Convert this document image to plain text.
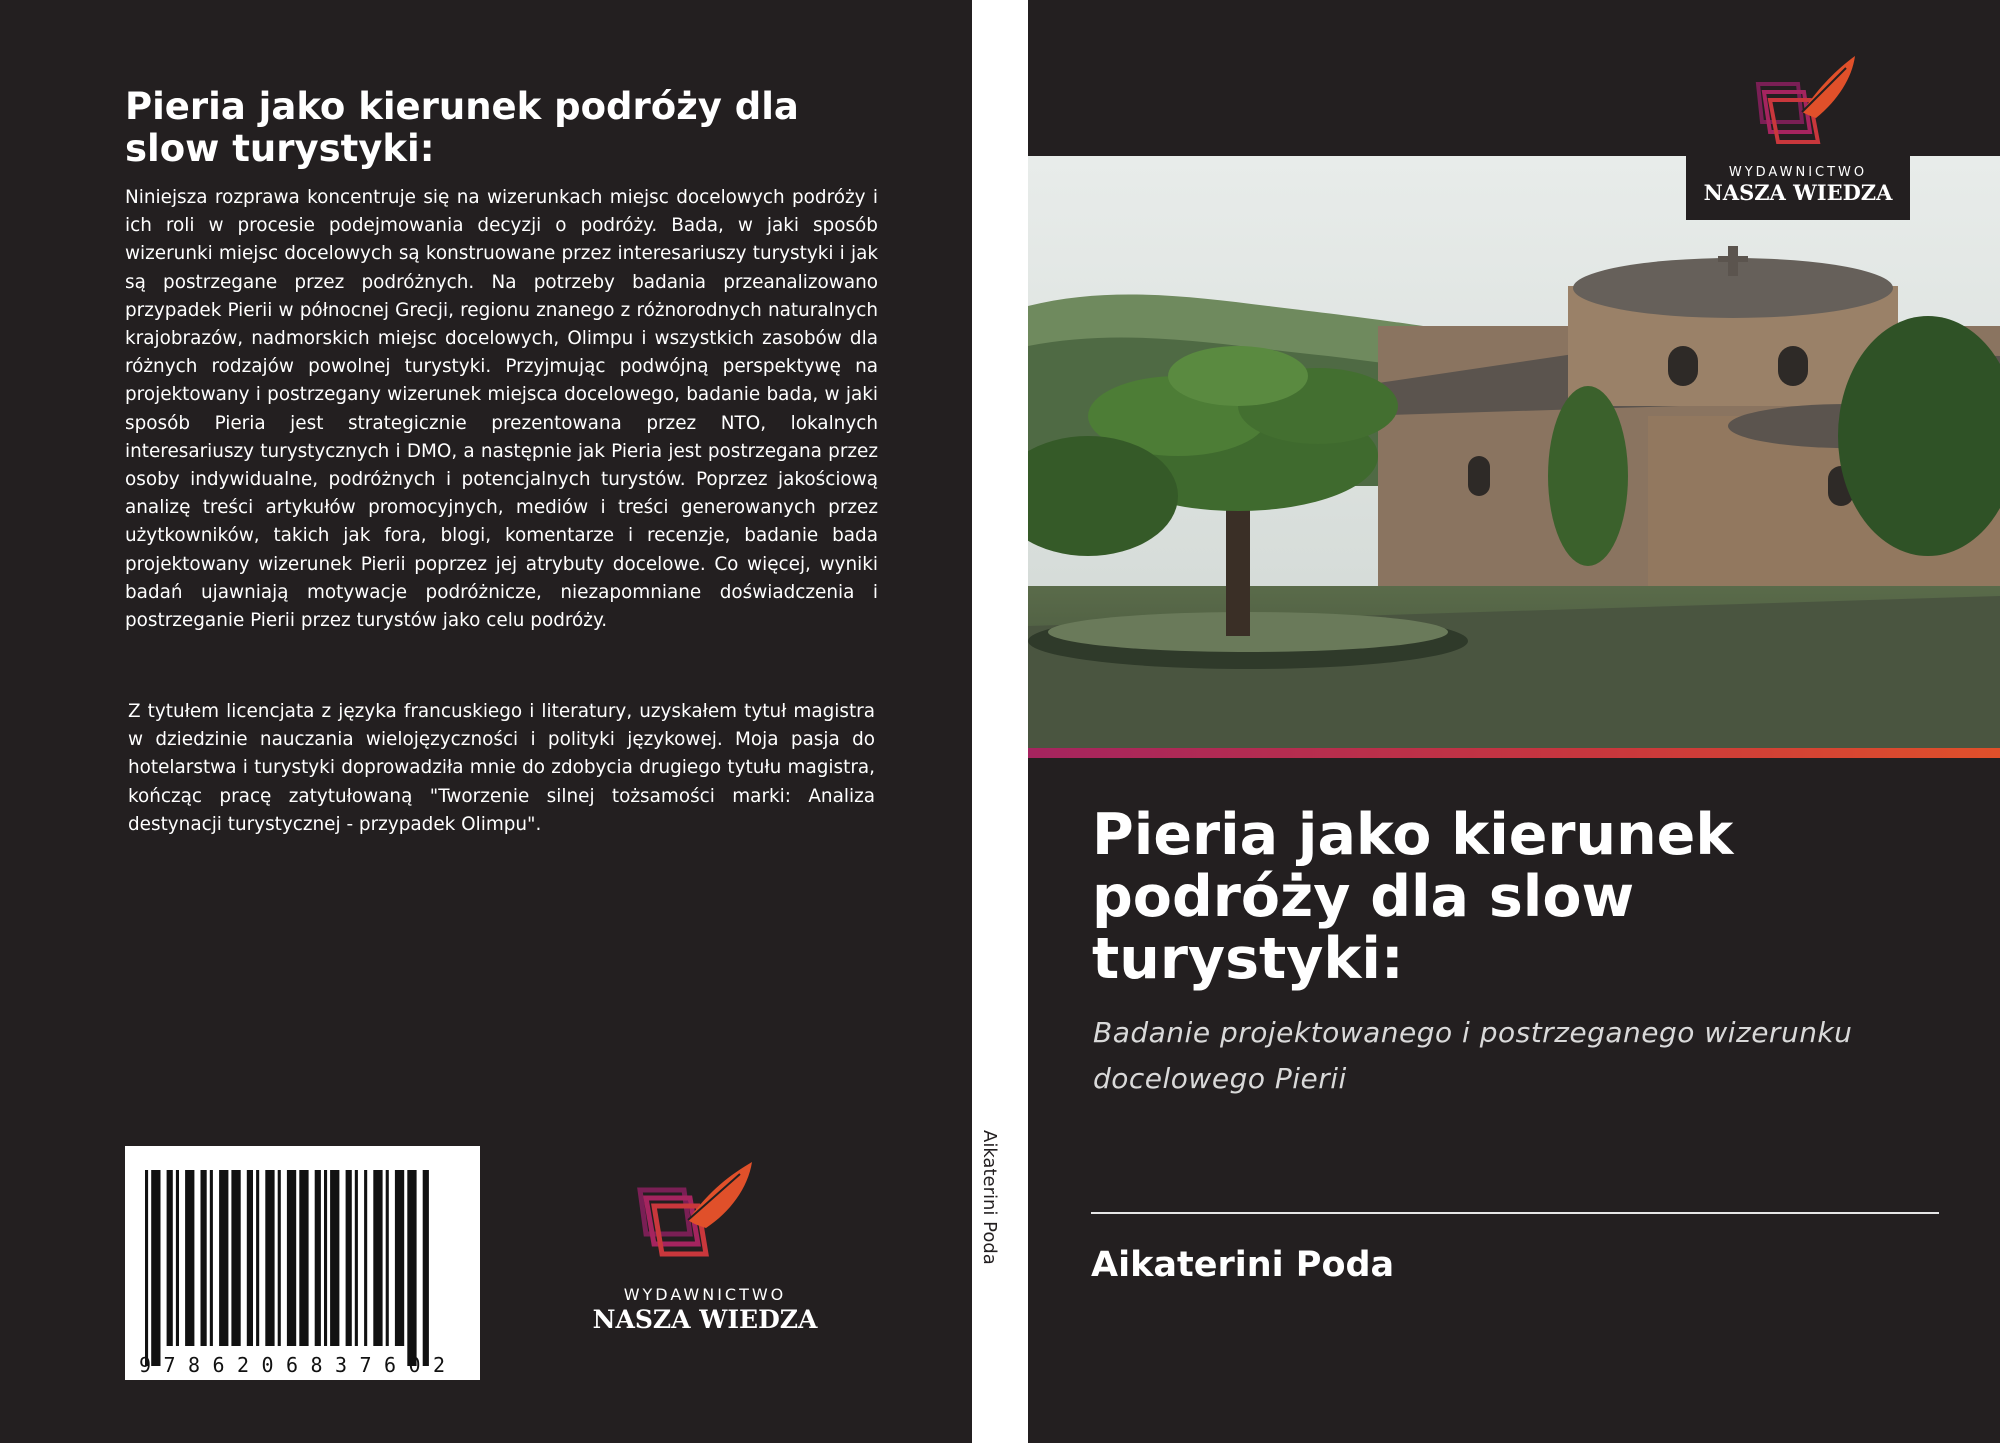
Pieria jako kierunek podróży dla slow turystyki:

Niniejsza rozprawa koncentruje się na wizerunkach miejsc docelowych podróży i ich roli w procesie podejmowania decyzji o podróży. Bada, w jaki sposób wizerunki miejsc docelowych są konstruowane przez interesariuszy turystyki i jak są postrzegane przez podróżnych. Na potrzeby badania przeanalizowano przypadek Pierii w północnej Grecji, regionu znanego z różnorodnych naturalnych krajobrazów, nadmorskich miejsc docelowych, Olimpu i wszystkich zasobów dla różnych rodzajów powolnej turystyki. Przyjmując podwójną perspektywę na projektowany i postrzegany wizerunek miejsca docelowego, badanie bada, w jaki sposób Pieria jest strategicznie prezentowana przez NTO, lokalnych interesariuszy turystycznych i DMO, a następnie jak Pieria jest postrzegana przez osoby indywidualne, podróżnych i potencjalnych turystów. Poprzez jakościową analizę treści artykułów promocyjnych, mediów i treści generowanych przez użytkowników, takich jak fora, blogi, komentarze i recenzje, badanie bada projektowany wizerunek Pierii poprzez jej atrybuty docelowe. Co więcej, wyniki badań ujawniają motywacje podróżnicze, niezapomniane doświadczenia i postrzeganie Pierii przez turystów jako celu podróży.

Z tytułem licencjata z języka francuskiego i literatury, uzyskałem tytuł magistra w dziedzinie nauczania wielojęzyczności i polityki językowej. Moja pasja do hotelarstwa i turystyki doprowadziła mnie do zdobycia drugiego tytułu magistra, kończąc pracę zatytułowaną "Tworzenie silnej tożsamości marki: Analiza destynacji turystycznej - przypadek Olimpu".

9 7 8 6 2 0 6 8 3 7 6 0 2
WYDAWNICTWO
NASZA WIEDZA
Aikaterini Poda
WYDAWNICTWO
NASZA WIEDZA
Pieria jako kierunek podróży dla slow turystyki:

Badanie projektowanego i postrzeganego wizerunku docelowego Pierii

Aikaterini Poda
